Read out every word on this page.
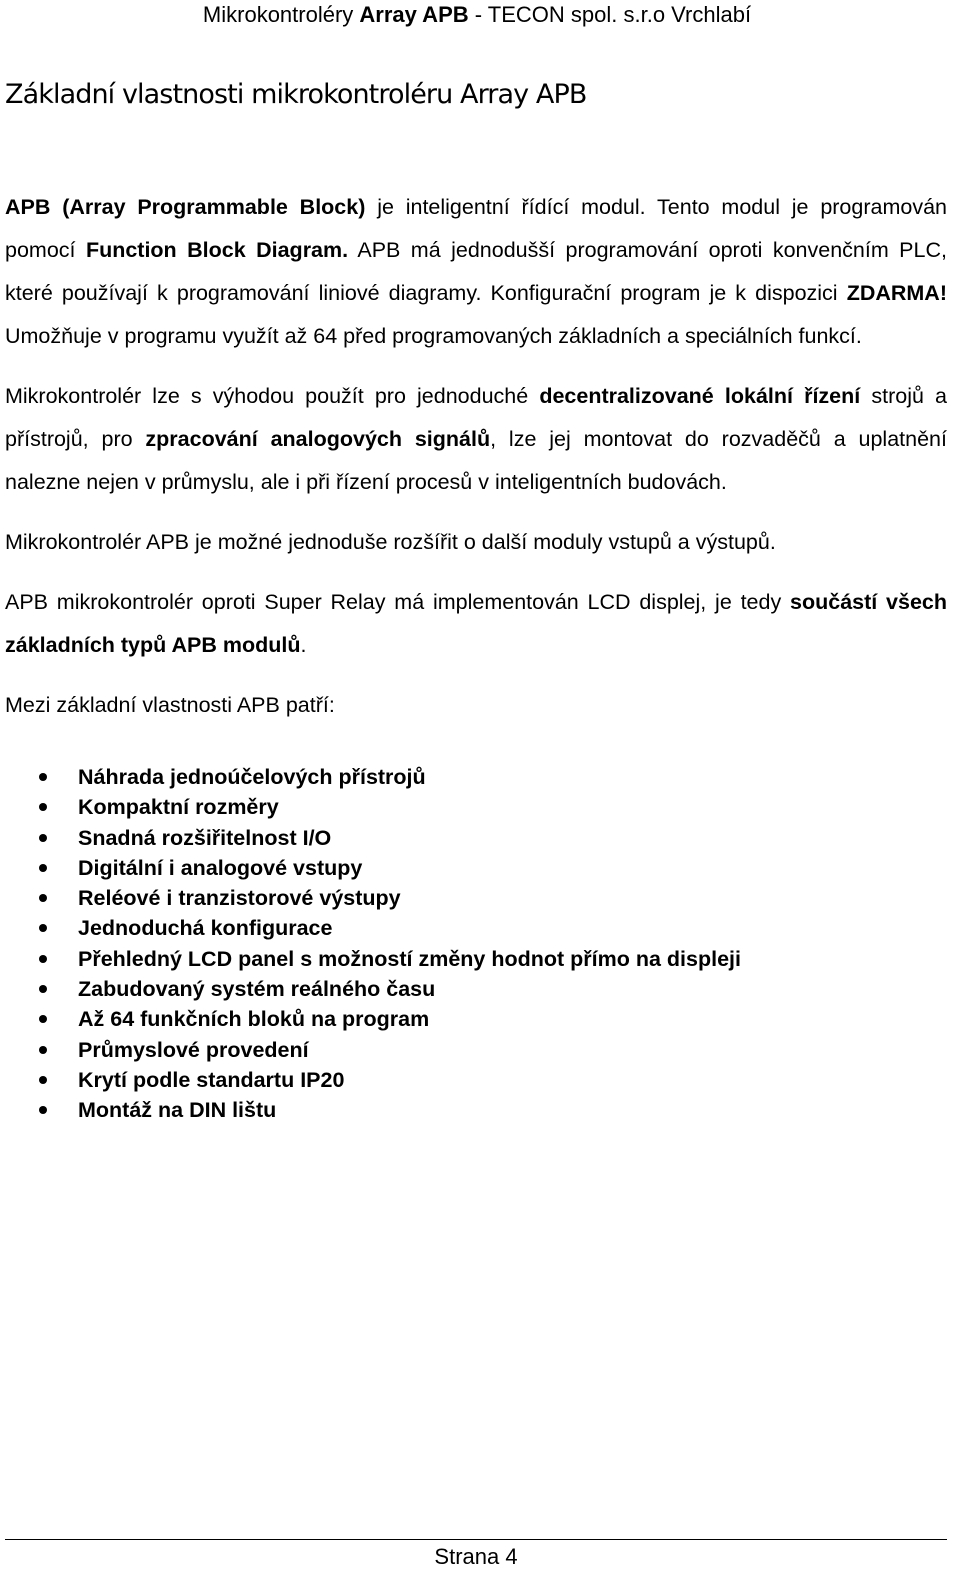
Mikrokontroléry Array APB - TECON spol. s.r.o Vrchlabí
Základní vlastnosti mikrokontroléru Array APB

APB (Array Programmable Block) je inteligentní řídící modul. Tento modul je programován pomocí Function Block Diagram. APB má jednodušší programování oproti konvenčním PLC, které používají k programování liniové diagramy. Konfigurační program je k dispozici ZDARMA! Umožňuje v programu využít až 64 před programovaných základních a speciálních funkcí.

Mikrokontrolér lze s výhodou použít pro jednoduché decentralizované lokální řízení strojů a přístrojů, pro zpracování analogových signálů, lze jej montovat do rozvaděčů a uplatnění nalezne nejen v průmyslu, ale i při řízení procesů v inteligentních budovách.

Mikrokontrolér APB je možné jednoduše rozšířit o další moduly vstupů a výstupů.

APB mikrokontrolér oproti Super Relay má implementován LCD displej, je tedy součástí všech základních typů APB modulů.

Mezi základní vlastnosti APB patří:

Náhrada jednoúčelových přístrojů
Kompaktní rozměry
Snadná rozšiřitelnost I/O
Digitální i analogové vstupy
Reléové i tranzistorové výstupy
Jednoduchá konfigurace
Přehledný LCD panel s možností změny hodnot přímo na displeji
Zabudovaný systém reálného času
Až 64 funkčních bloků na program
Průmyslové provedení
Krytí podle standartu IP20
Montáž na DIN lištu
Strana 4
